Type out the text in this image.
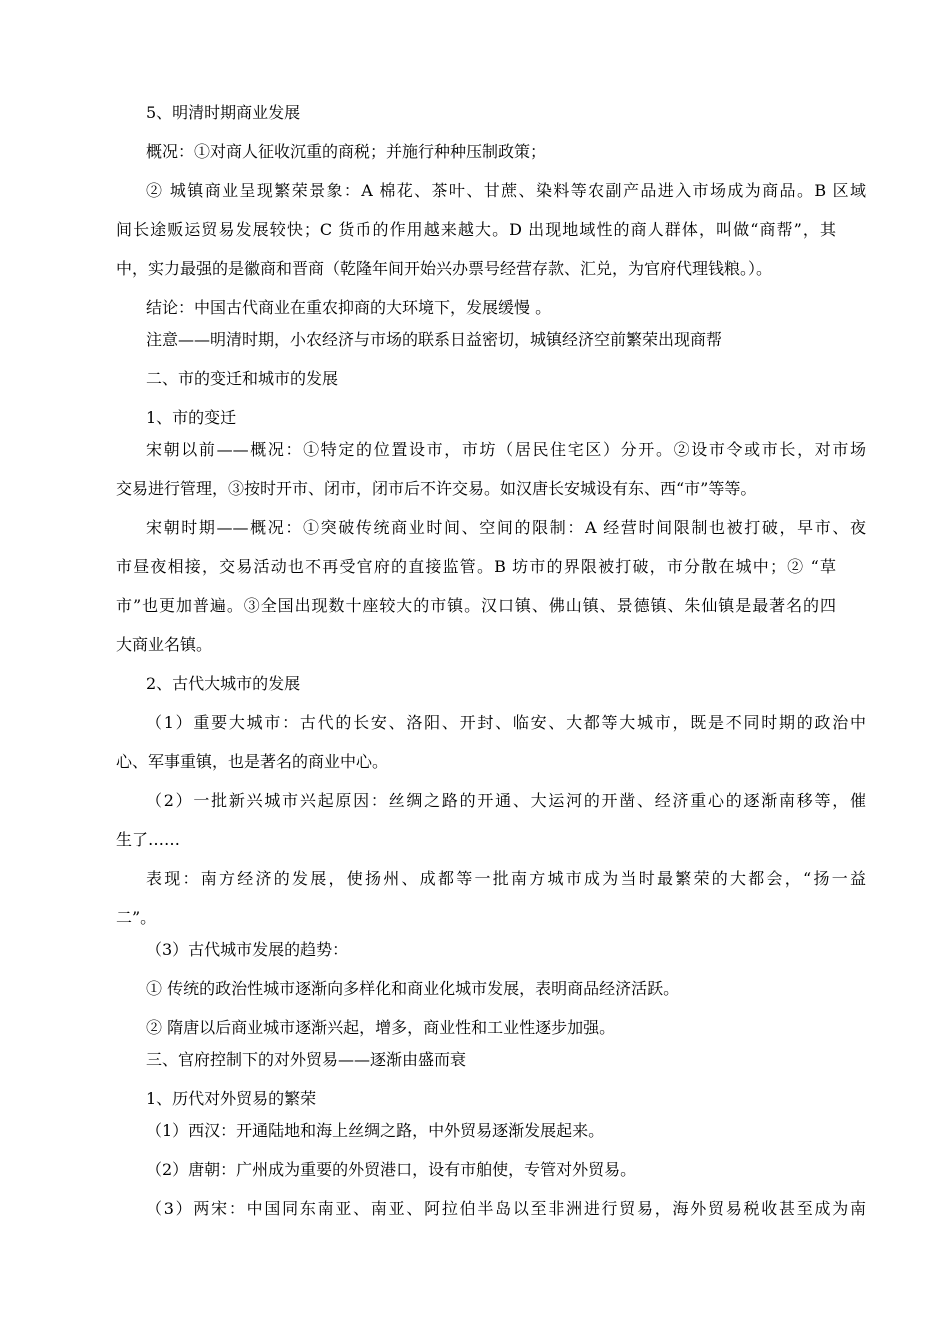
5、明清时期商业发展
概况：①对商人征收沉重的商税；并施行种种压制政策；
② 城镇商业呈现繁荣景象：A 棉花、茶叶、甘蔗、染料等农副产品进入市场成为商品。B 区域
间长途贩运贸易发展较快；C 货币的作用越来越大。D 出现地域性的商人群体，叫做“商帮”，其
中，实力最强的是徽商和晋商（乾隆年间开始兴办票号经营存款、汇兑，为官府代理钱粮。）。
结论：中国古代商业在重农抑商的大环境下，发展缓慢 。
注意——明清时期，小农经济与市场的联系日益密切，城镇经济空前繁荣出现商帮
二、市的变迁和城市的发展
1、市的变迁
宋朝以前——概况：①特定的位置设市，市坊（居民住宅区）分开。②设市令或市长，对市场
交易进行管理，③按时开市、闭市，闭市后不许交易。如汉唐长安城设有东、西“市”等等。
宋朝时期——概况：①突破传统商业时间、空间的限制：A 经营时间限制也被打破，早市、夜
市昼夜相接，交易活动也不再受官府的直接监管。B 坊市的界限被打破，市分散在城中；② “草
市”也更加普遍。③全国出现数十座较大的市镇。汉口镇、佛山镇、景德镇、朱仙镇是最著名的四
大商业名镇。
2、古代大城市的发展
（1）重要大城市：古代的长安、洛阳、开封、临安、大都等大城市，既是不同时期的政治中
心、军事重镇，也是著名的商业中心。
（2）一批新兴城市兴起原因：丝绸之路的开通、大运河的开凿、经济重心的逐渐南移等，催
生了……
表现：南方经济的发展，使扬州、成都等一批南方城市成为当时最繁荣的大都会，“扬一益
二”。
（3）古代城市发展的趋势：
① 传统的政治性城市逐渐向多样化和商业化城市发展，表明商品经济活跃。
② 隋唐以后商业城市逐渐兴起，增多，商业性和工业性逐步加强。
三、官府控制下的对外贸易——逐渐由盛而衰
1、历代对外贸易的繁荣
（1）西汉：开通陆地和海上丝绸之路，中外贸易逐渐发展起来。
（2）唐朝：广州成为重要的外贸港口，设有市舶使，专管对外贸易。
（3）两宋：中国同东南亚、南亚、阿拉伯半岛以至非洲进行贸易，海外贸易税收甚至成为南
